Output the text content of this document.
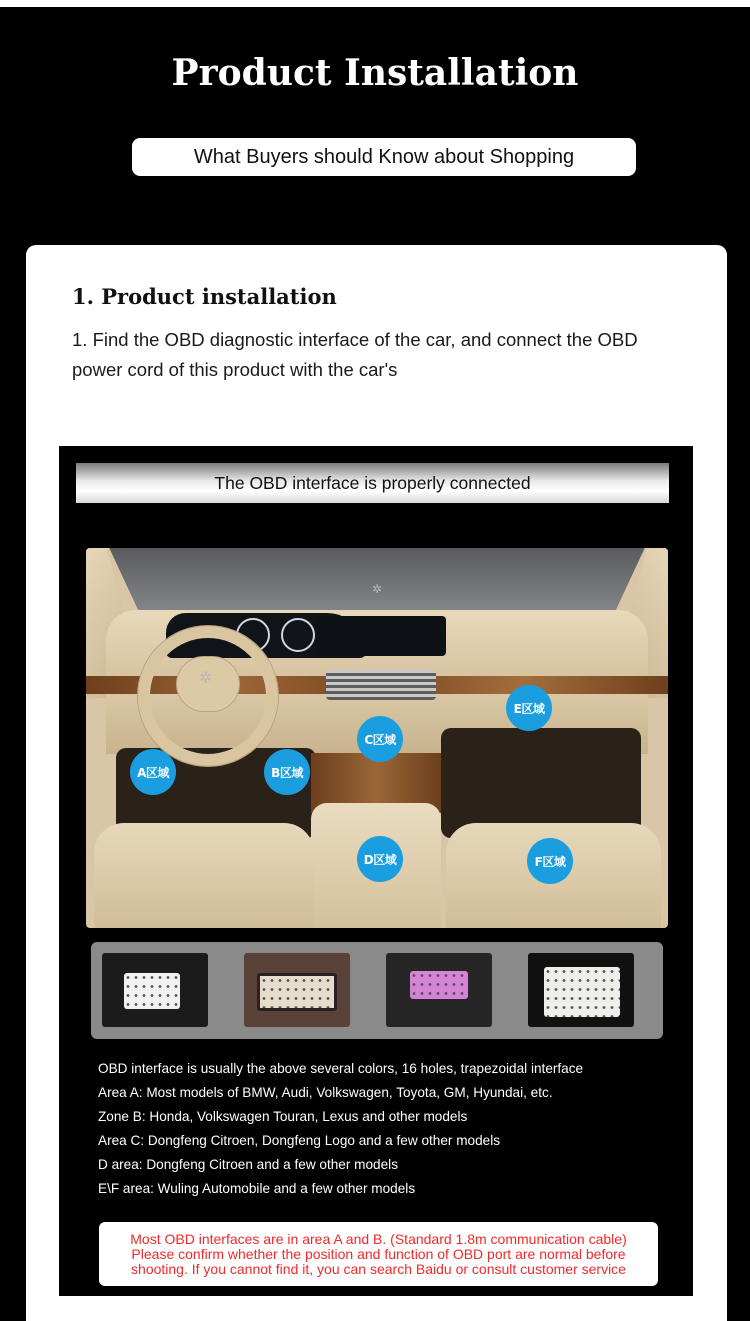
Product Installation
What Buyers should Know about Shopping
1. Product installation

1. Find the OBD diagnostic interface of the car, and connect the OBD power cord of this product with the car's

The OBD interface is properly connected
✲
✲
A区域	B区域
C区域
D区域
E区域
F区域
OBD interface is usually the above several colors, 16 holes, trapezoidal interface
Area A: Most models of BMW, Audi, Volkswagen, Toyota, GM, Hyundai, etc.
Zone B: Honda, Volkswagen Touran, Lexus and other models
Area C: Dongfeng Citroen, Dongfeng Logo and a few other models
D area: Dongfeng Citroen and a few other models
E\F area: Wuling Automobile and a few other models
Most OBD interfaces are in area A and B. (Standard 1.8m communication cable)
Please confirm whether the position and function of OBD port are normal before
shooting. If you cannot find it, you can search Baidu or consult customer service
